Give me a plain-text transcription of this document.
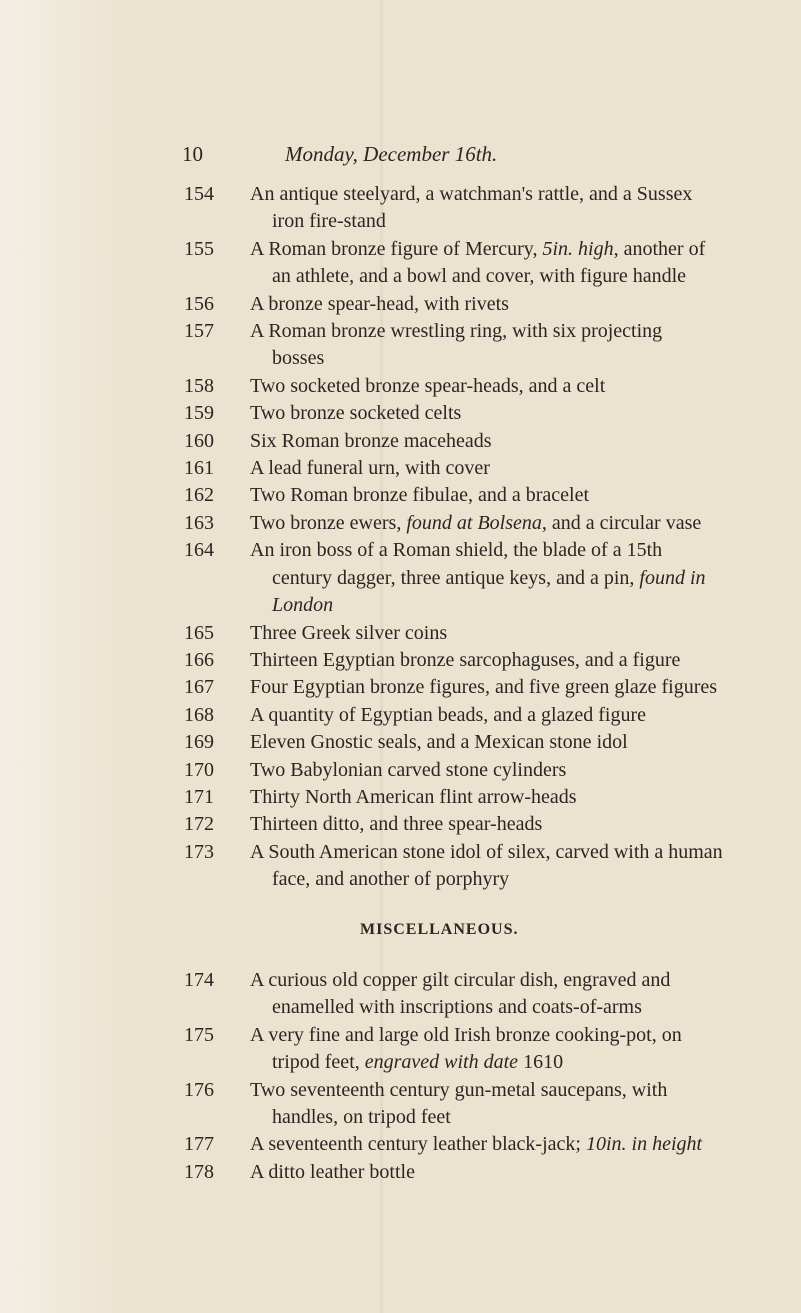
10	Monday, December 16th.
154 An antique steelyard, a watchman's rattle, and a Sussex
iron fire-stand
155 A Roman bronze figure of Mercury, 5in. high, another of
an athlete, and a bowl and cover, with figure handle
156 A bronze spear-head, with rivets
157 A Roman bronze wrestling ring, with six projecting
bosses
158 Two socketed bronze spear-heads, and a celt
159 Two bronze socketed celts
160 Six Roman bronze maceheads
161 A lead funeral urn, with cover
162 Two Roman bronze fibulae, and a bracelet
163 Two bronze ewers, found at Bolsena, and a circular vase
164 An iron boss of a Roman shield, the blade of a 15th
century dagger, three antique keys, and a pin, found in
London
165 Three Greek silver coins
166 Thirteen Egyptian bronze sarcophaguses, and a figure
167 Four Egyptian bronze figures, and five green glaze figures
168 A quantity of Egyptian beads, and a glazed figure
169 Eleven Gnostic seals, and a Mexican stone idol
170 Two Babylonian carved stone cylinders
171 Thirty North American flint arrow-heads
172 Thirteen ditto, and three spear-heads
173 A South American stone idol of silex, carved with a human
face, and another of porphyry
MISCELLANEOUS.
174 A curious old copper gilt circular dish, engraved and
enamelled with inscriptions and coats-of-arms
175 A very fine and large old Irish bronze cooking-pot, on
tripod feet, engraved with date 1610
176 Two seventeenth century gun-metal saucepans, with
handles, on tripod feet
177 A seventeenth century leather black-jack; 10in. in height
178 A ditto leather bottle
